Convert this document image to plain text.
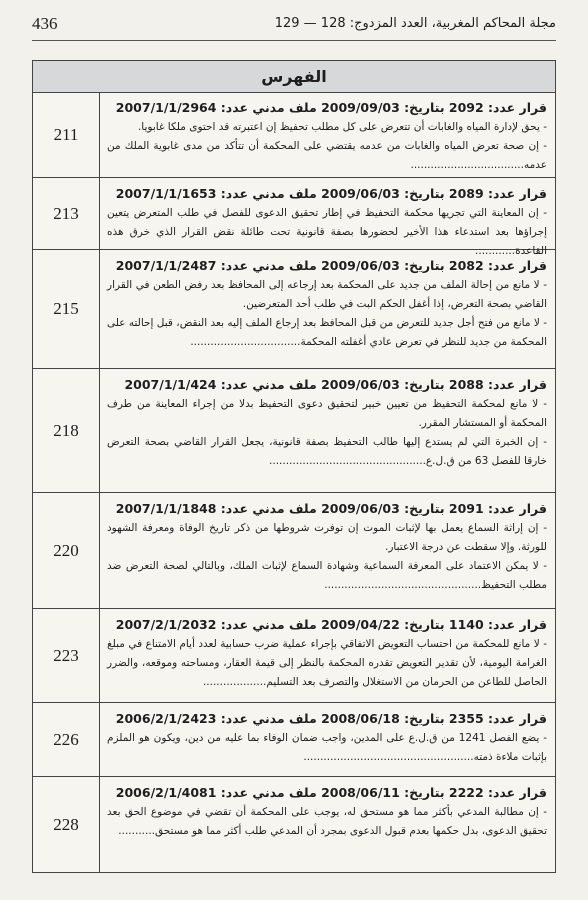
436	مجلة المحاكم المغربية، العدد المزدوج: 128 — 129
الفهرس
211
قرار عدد: 2092 بتاريخ: 2009/09/03 ملف مدني عدد: 2007/1/1/2964

- يحق لإدارة المياه والغابات أن تتعرض على كل مطلب تحفيظ إن اعتبرته قد احتوى ملكا غابويا.

- إن صحة تعرض المياه والغابات من عدمه يقتضي على المحكمة أن تتأكد من مدى غابوية الملك من عدمه..................................

213
قرار عدد: 2089 بتاريخ: 2009/06/03 ملف مدني عدد: 2007/1/1/1653

- إن المعاينة التي تجريها محكمة التحفيظ في إطار تحقيق الدعوى للفصل في طلب المتعرض يتعين إجراؤها بعد استدعاء هذا الأخير لحضورها بصفة قانونية تحت طائلة نقض القرار الذي خرق هذه القاعدة............

215
قرار عدد: 2082 بتاريخ: 2009/06/03 ملف مدني عدد: 2007/1/1/2487

- لا مانع من إحالة الملف من جديد على المحكمة بعد إرجاعه إلى المحافظ بعد رفض الطعن في القرار القاضي بصحة التعرض، إذا أغفل الحكم البت في طلب أحد المتعرضين.

- لا مانع من فتح أجل جديد للتعرض من قبل المحافظ بعد إرجاع الملف إليه بعد النقض، قبل إحالته على المحكمة من جديد للنظر في تعرض عادي أغفلته المحكمة.................................

218
قرار عدد: 2088 بتاريخ: 2009/06/03 ملف مدني عدد: 2007/1/1/424

- لا مانع لمحكمة التحفيظ من تعيين خبير لتحقيق دعوى التحفيظ بدلا من إجراء المعاينة من طرف المحكمة أو المستشار المقرر.

- إن الخبرة التي لم يستدع إليها طالب التحفيظ بصفة قانونية، يجعل القرار القاضي بصحة التعرض خارقا للفصل 63 من ق.ل.ع...............................................

220
قرار عدد: 2091 بتاريخ: 2009/06/03 ملف مدني عدد: 2007/1/1/1848

- إن إراثة السماع يعمل بها لإثبات الموت إن توفرت شروطها من ذكر تاريخ الوفاة ومعرفة الشهود للورثة. وإلا سقطت عن درجة الاعتبار.

- لا يمكن الاعتماد على المعرفة السماعية وشهادة السماع لإثبات الملك، وبالتالي لصحة التعرض ضد مطلب التحفيظ...............................................

223
قرار عدد: 1140 بتاريخ: 2009/04/22 ملف مدني عدد: 2007/2/1/2032

- لا مانع للمحكمة من احتساب التعويض الاتفاقي بإجراء عملية ضرب حسابية لعدد أيام الامتناع في مبلغ الغرامة اليومية، لأن تقدير التعويض تقدره المحكمة بالنظر إلى قيمة العقار، ومساحته وموقعه، والضرر الحاصل للطاعن من الحرمان من الاستغلال والتصرف بعد التسليم...................

226
قرار عدد: 2355 بتاريخ: 2008/06/18 ملف مدني عدد: 2006/2/1/2423

- يضع الفصل 1241 من ق.ل.ع على المدين، واجب ضمان الوفاء بما عليه من دين، ويكون هو الملزم بإثبات ملاءة ذمته...................................................

228
قرار عدد: 2222 بتاريخ: 2008/06/11 ملف مدني عدد: 2006/2/1/4081

- إن مطالبة المدعي بأكثر مما هو مستحق له، يوجب على المحكمة أن تقضي في موضوع الحق بعد تحقيق الدعوى، بدل حكمها بعدم قبول الدعوى بمجرد أن المدعي طلب أكثر مما هو مستحق...........
